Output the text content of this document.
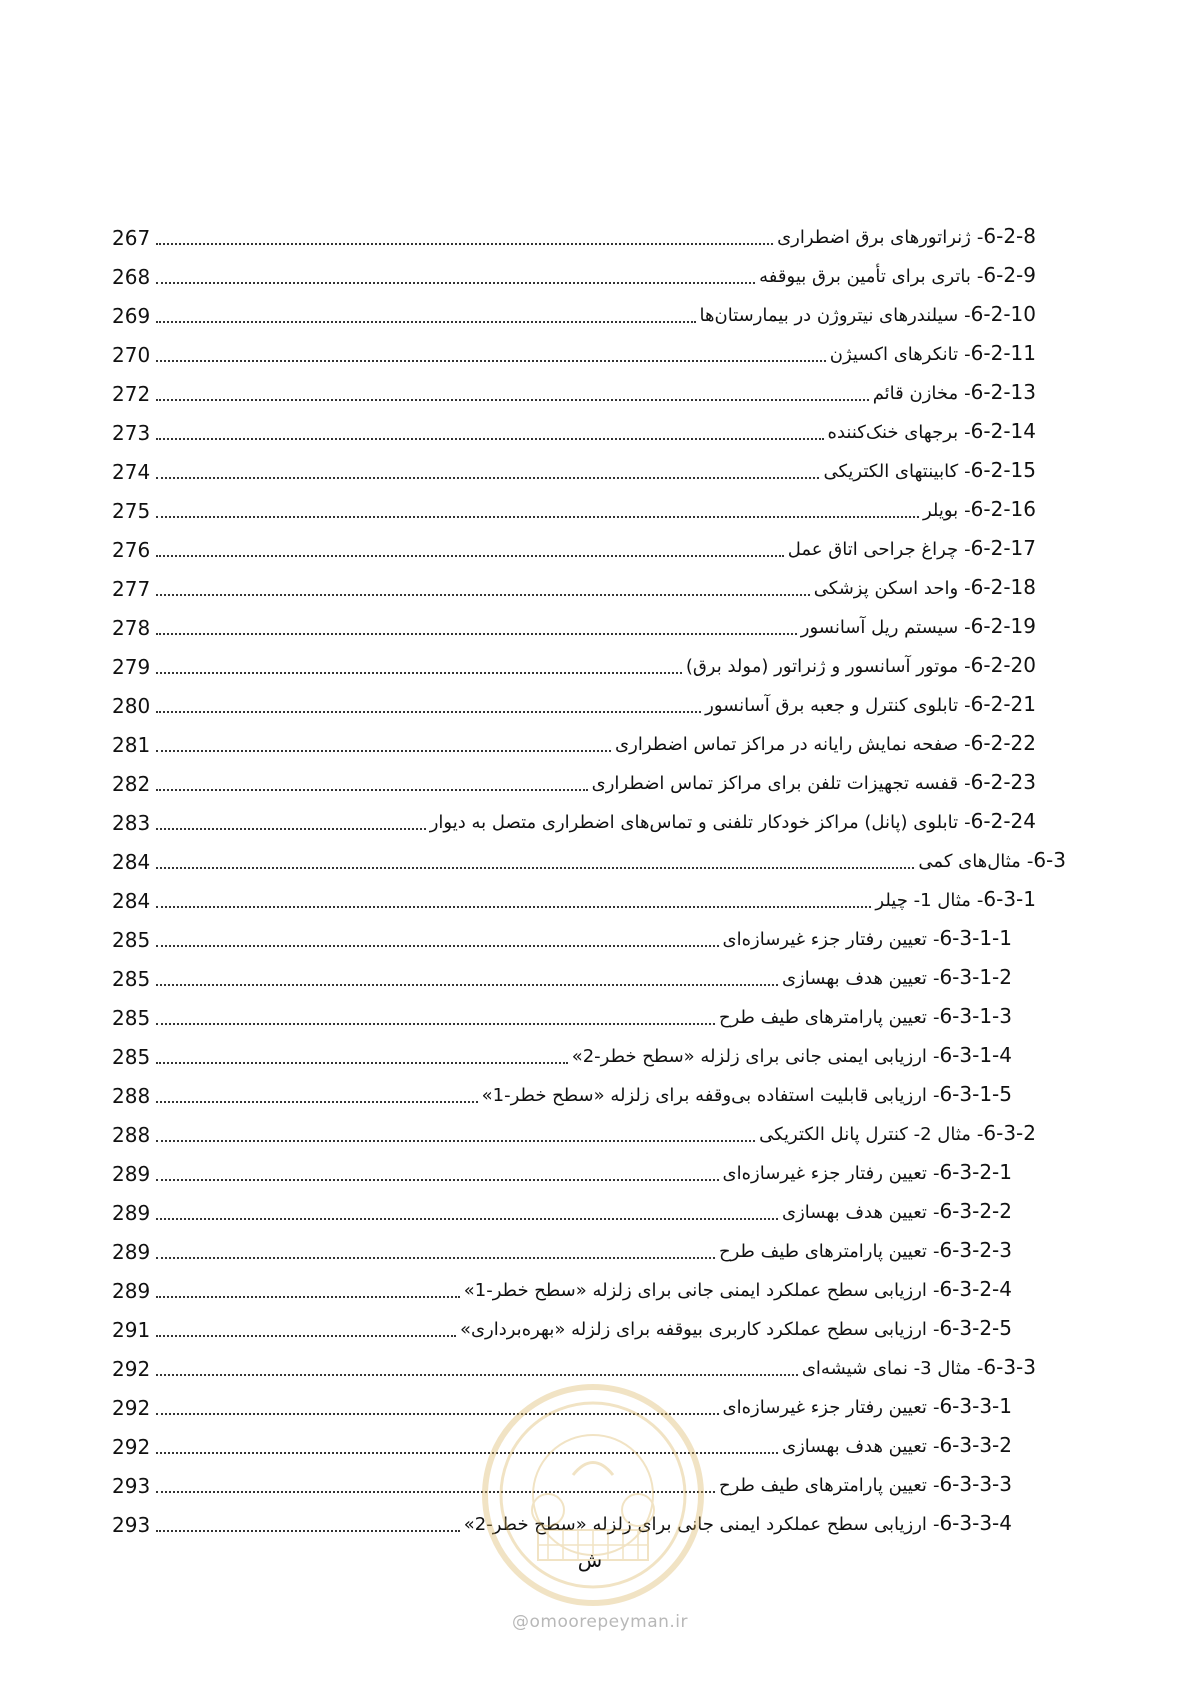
267	6-2-8-ژنراتورهای برق اضطراری
268	6-2-9-باتری برای تأمین برق بیوقفه
269	6-2-10-سیلندرهای نیتروژن در بیمارستان‌ها
270	6-2-11-تانکرهای اکسیژن
272	6-2-13-مخازن قائم
273	6-2-14-برجهای خنک‌کننده
274	6-2-15-کابینتهای الکتریکی
275	6-2-16-بویلر
276	6-2-17-چراغ جراحی اتاق عمل
277	6-2-18-واحد اسکن پزشکی
278	6-2-19-سیستم ریل آسانسور
279	6-2-20-موتور آسانسور و ژنراتور (مولد برق)
280	6-2-21-تابلوی کنترل و جعبه برق آسانسور
281	6-2-22-صفحه نمایش رایانه در مراکز تماس اضطراری
282	6-2-23-قفسه تجهیزات تلفن برای مراکز تماس اضطراری
283	6-2-24-تابلوی (پانل) مراکز خودکار تلفنی و تماس‌های اضطراری متصل به دیوار
284	6-3-مثال‌های کمی
284	6-3-1-مثال 1- چیلر
285	6-3-1-1-تعیین رفتار جزء غیرسازه‌ای
285	6-3-1-2-تعیین هدف بهسازی
285	6-3-1-3-تعیین پارامترهای طیف طرح
285	6-3-1-4-ارزیابی ایمنی جانی برای زلزله «سطح خطر-2»
288	6-3-1-5-ارزیابی قابلیت استفاده بی‌وقفه برای زلزله «سطح خطر-1»
288	6-3-2-مثال 2- کنترل پانل الکتریکی
289	6-3-2-1-تعیین رفتار جزء غیرسازه‌ای
289	6-3-2-2-تعیین هدف بهسازی
289	6-3-2-3-تعیین پارامترهای طیف طرح
289	6-3-2-4-ارزیابی سطح عملکرد ایمنی جانی برای زلزله «سطح خطر-1»
291	6-3-2-5-ارزیابی سطح عملکرد کاربری بیوقفه برای زلزله «بهره‌برداری»
292	6-3-3-مثال 3- نمای شیشه‌ای
292	6-3-3-1-تعیین رفتار جزء غیرسازه‌ای
292	6-3-3-2-تعیین هدف بهسازی
293	6-3-3-3-تعیین پارامترهای طیف طرح
293	6-3-3-4-ارزیابی سطح عملکرد ایمنی جانی برای زلزله «سطح خطر-2»
ش
@omoorepeyman.ir
